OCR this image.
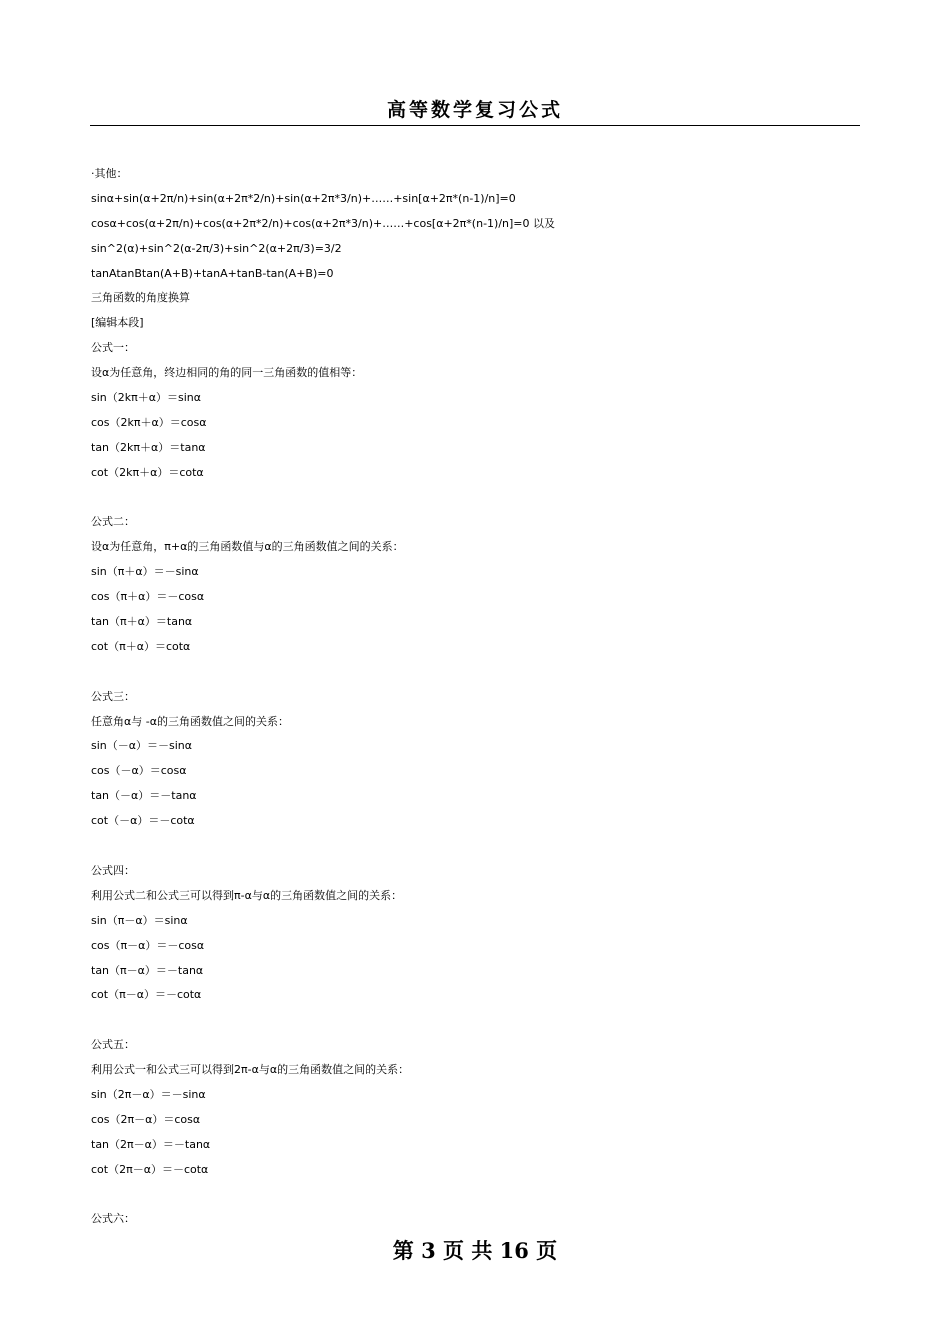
高等数学复习公式
·其他：
sinα+sin(α+2π/n)+sin(α+2π*2/n)+sin(α+2π*3/n)+……+sin[α+2π*(n-1)/n]=0
cosα+cos(α+2π/n)+cos(α+2π*2/n)+cos(α+2π*3/n)+……+cos[α+2π*(n-1)/n]=0 以及
sin^2(α)+sin^2(α-2π/3)+sin^2(α+2π/3)=3/2
tanAtanBtan(A+B)+tanA+tanB-tan(A+B)=0
三角函数的角度换算
[编辑本段]
公式一：
设α为任意角，终边相同的角的同一三角函数的值相等：
sin（2kπ＋α）＝sinα
cos（2kπ＋α）＝cosα
tan（2kπ＋α）＝tanα
cot（2kπ＋α）＝cotα
公式二：
设α为任意角，π+α的三角函数值与α的三角函数值之间的关系：
sin（π＋α）＝－sinα
cos（π＋α）＝－cosα
tan（π＋α）＝tanα
cot（π＋α）＝cotα
公式三：
任意角α与 -α的三角函数值之间的关系：
sin（－α）＝－sinα
cos（－α）＝cosα
tan（－α）＝－tanα
cot（－α）＝－cotα
公式四：
利用公式二和公式三可以得到π-α与α的三角函数值之间的关系：
sin（π－α）＝sinα
cos（π－α）＝－cosα
tan（π－α）＝－tanα
cot（π－α）＝－cotα
公式五：
利用公式一和公式三可以得到2π-α与α的三角函数值之间的关系：
sin（2π－α）＝－sinα
cos（2π－α）＝cosα
tan（2π－α）＝－tanα
cot（2π－α）＝－cotα
公式六：
第 3 页 共 16 页
